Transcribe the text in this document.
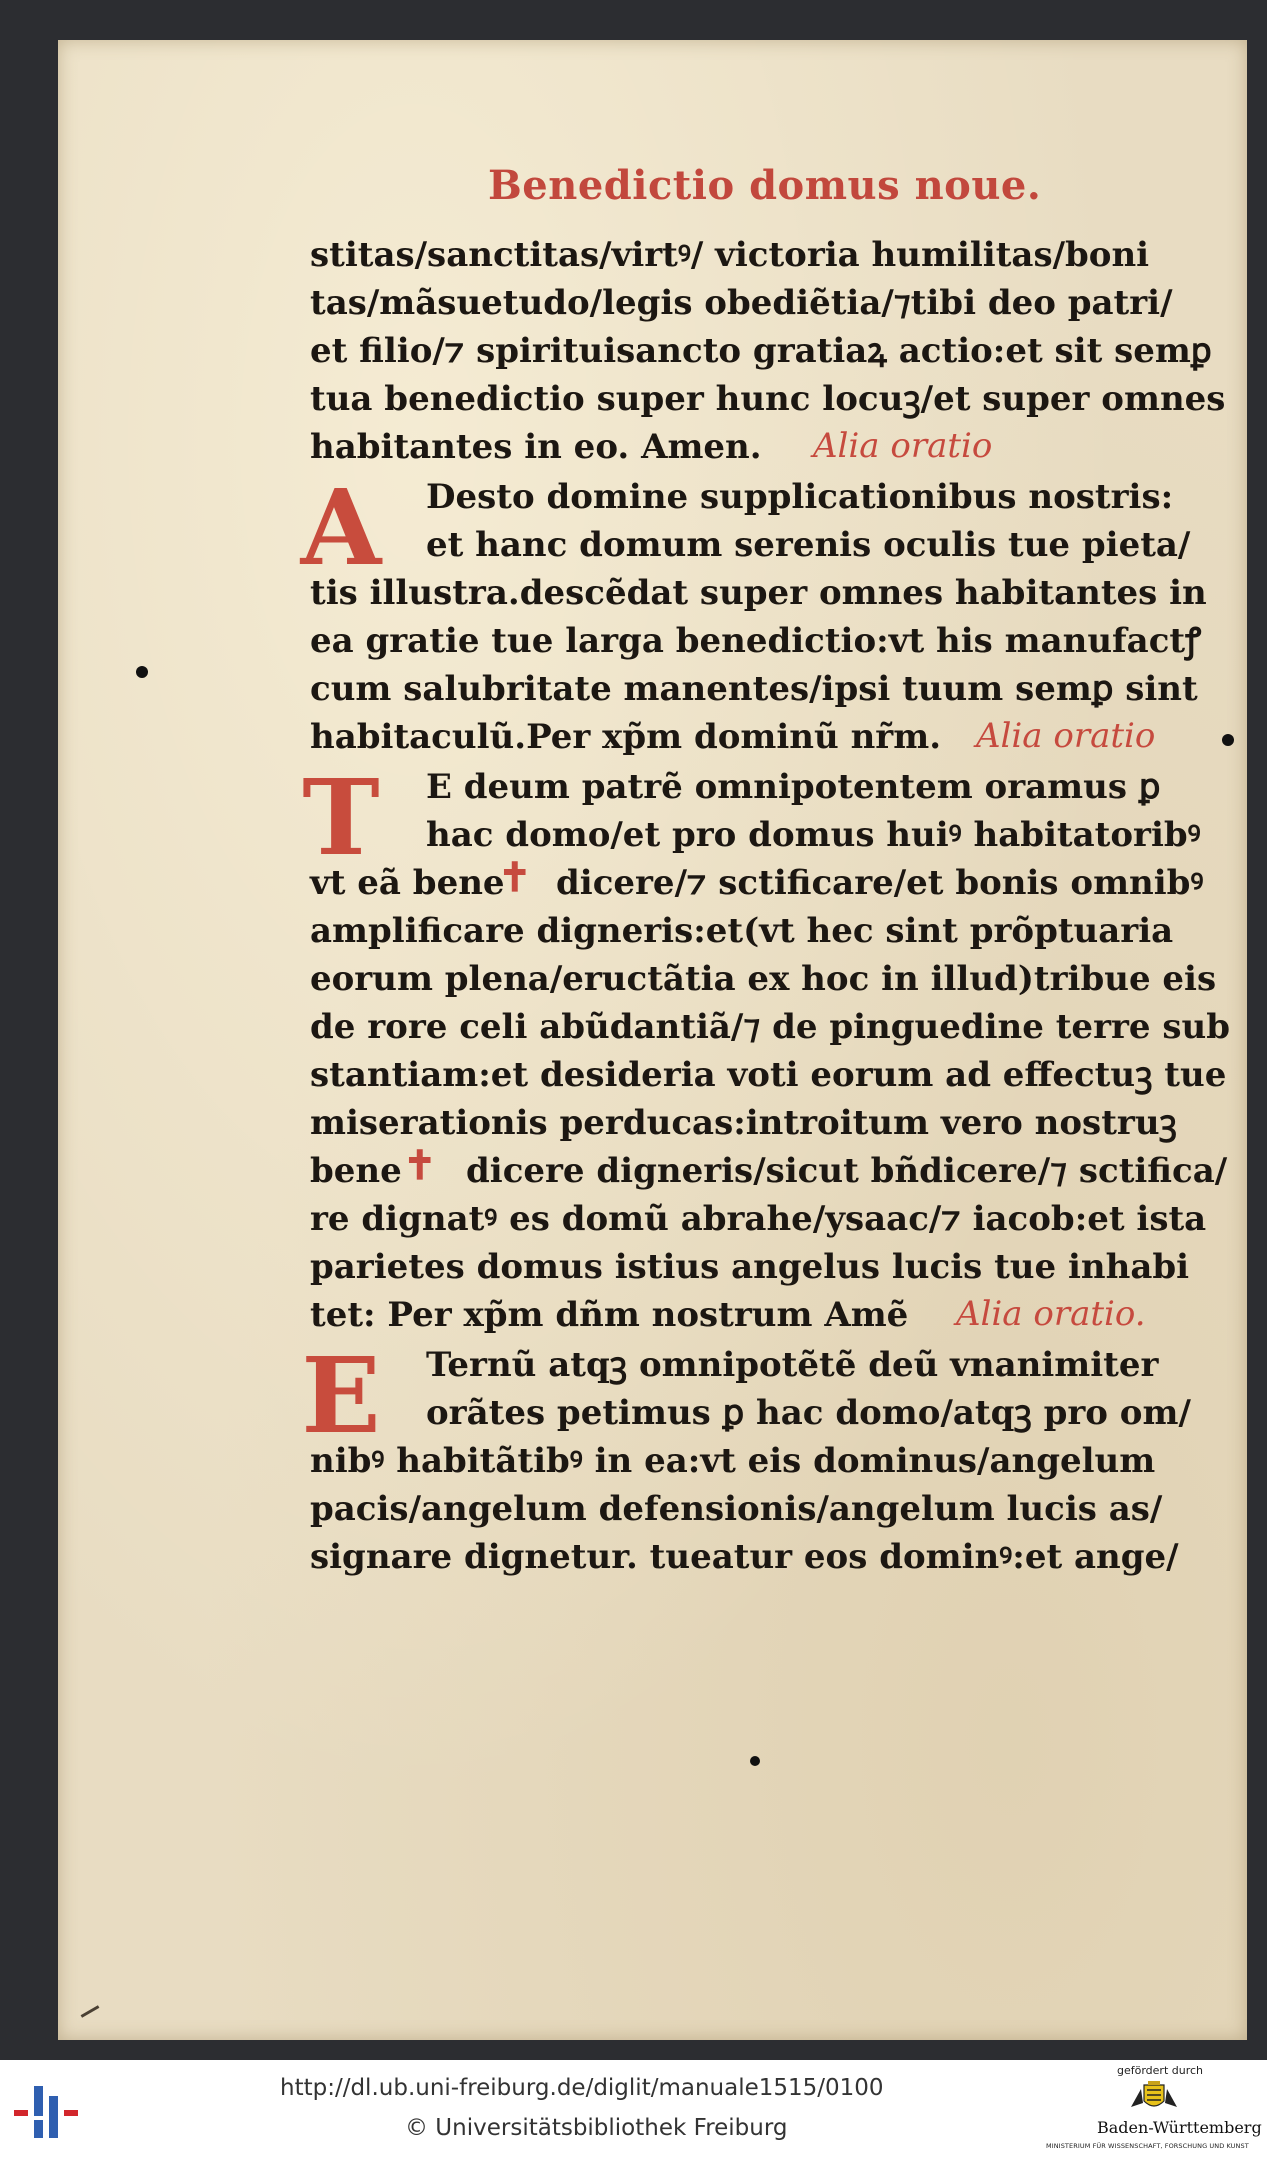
Benedictio domus noue.
stitas/sanctitas/virtꝰ/ victoria humilitas/boni
tas/mãsuetudo/legis obediẽtia/⁊tibi deo patri/
et filio/⁊ spirituisancto gratiaꝝ actio:et sit semꝑ
tua benedictio super hunc locuꝫ/et super omnes
habitantes in eo. Amen. Alia oratio
A Desto domine supplicationibus nostris:
et hanc domum serenis oculis tue pieta/
tis illustra.descẽdat super omnes habitantes in
ea gratie tue larga benedictio:vt his manufactꝭ
cum salubritate manentes/ipsi tuum semꝑ sint
habitaculũ.Per xp̃m dominũ nr̃m. Alia oratio
T E deum patrẽ omnipotentem oramus ꝑ
hac domo/et pro domus huiꝰ habitatoribꝰ
vt eã bene
✝ dicere/⁊ sctificare/et bonis omnibꝰ
amplificare digneris:et(vt hec sint prõptuaria
eorum plena/eructãtia ex hoc in illud)tribue eis
de rore celi abũdantiã/⁊ de pinguedine terre sub
stantiam:et desideria voti eorum ad effectuꝫ tue
miserationis perducas:introitum vero nostruꝫ
bene ✝ dicere digneris/sicut bñdicere/⁊ sctifica/
re dignatꝰ es domũ abrahe/ysaac/⁊ iacob:et ista
parietes domus istius angelus lucis tue inhabi
tet: Per xp̃m dñm nostrum Amẽ Alia oratio.
E Ternũ atqꝫ omnipotẽtẽ deũ vnanimiter
orãtes petimus ꝑ hac domo/atqꝫ pro om/
nibꝰ habitãtibꝰ in ea:vt eis dominus/angelum
pacis/angelum defensionis/angelum lucis as/
signare dignetur. tueatur eos dominꝰ:et ange/
http://dl.ub.uni-freiburg.de/diglit/manuale1515/0100
© Universitätsbibliothek Freiburg
gefördert durch
Baden-Württemberg
MINISTERIUM FÜR WISSENSCHAFT, FORSCHUNG UND KUNST
